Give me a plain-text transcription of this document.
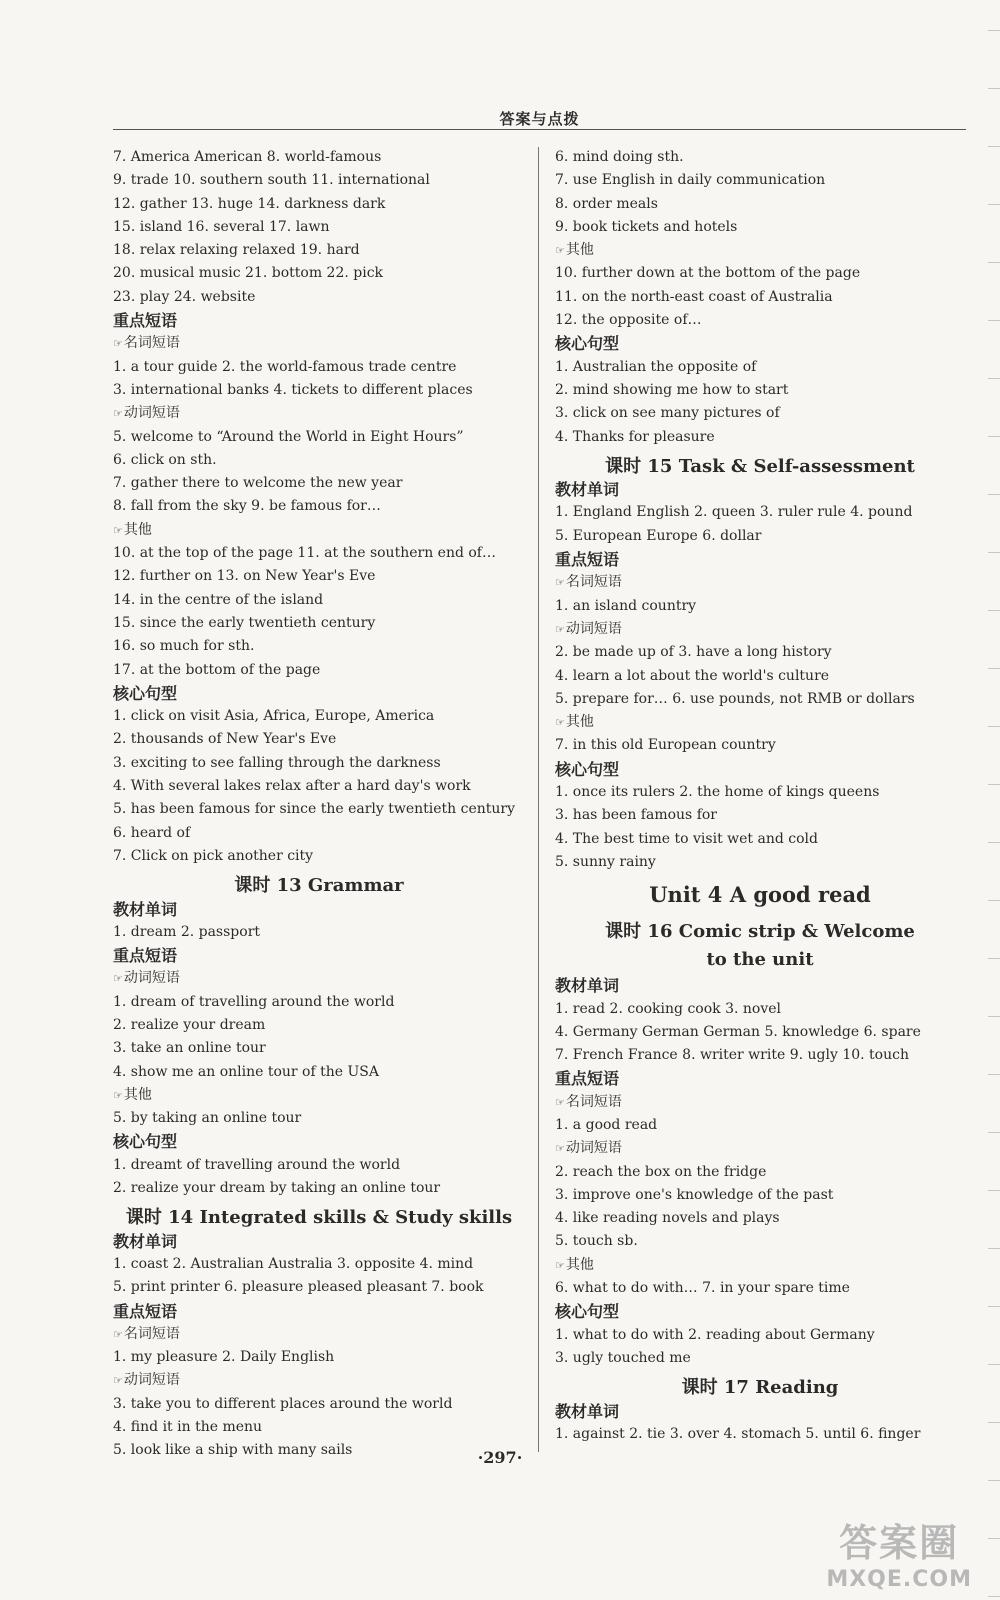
答案与点拨
7. America American 8. world-famous
9. trade 10. southern south 11. international
12. gather 13. huge 14. darkness dark
15. island 16. several 17. lawn
18. relax relaxing relaxed 19. hard
20. musical music 21. bottom 22. pick
23. play 24. website
重点短语
☞ 名词短语
1. a tour guide 2. the world-famous trade centre
3. international banks 4. tickets to different places
☞ 动词短语
5. welcome to “Around the World in Eight Hours”
6. click on sth.
7. gather there to welcome the new year
8. fall from the sky 9. be famous for…
☞ 其他
10. at the top of the page 11. at the southern end of…
12. further on 13. on New Year's Eve
14. in the centre of the island
15. since the early twentieth century
16. so much for sth.
17. at the bottom of the page
核心句型
1. click on visit Asia, Africa, Europe, America
2. thousands of New Year's Eve
3. exciting to see falling through the darkness
4. With several lakes relax after a hard day's work
5. has been famous for since the early twentieth century
6. heard of
7. Click on pick another city
课时 13 Grammar
教材单词
1. dream 2. passport
重点短语
☞ 动词短语
1. dream of travelling around the world
2. realize your dream
3. take an online tour
4. show me an online tour of the USA
☞ 其他
5. by taking an online tour
核心句型
1. dreamt of travelling around the world
2. realize your dream by taking an online tour
课时 14 Integrated skills & Study skills
教材单词
1. coast 2. Australian Australia 3. opposite 4. mind
5. print printer 6. pleasure pleased pleasant 7. book
重点短语
☞ 名词短语
1. my pleasure 2. Daily English
☞ 动词短语
3. take you to different places around the world
4. find it in the menu
5. look like a ship with many sails
6. mind doing sth.
7. use English in daily communication
8. order meals
9. book tickets and hotels
☞ 其他
10. further down at the bottom of the page
11. on the north-east coast of Australia
12. the opposite of…
核心句型
1. Australian the opposite of
2. mind showing me how to start
3. click on see many pictures of
4. Thanks for pleasure
课时 15 Task & Self-assessment
教材单词
1. England English 2. queen 3. ruler rule 4. pound
5. European Europe 6. dollar
重点短语
☞ 名词短语
1. an island country
☞ 动词短语
2. be made up of 3. have a long history
4. learn a lot about the world's culture
5. prepare for… 6. use pounds, not RMB or dollars
☞ 其他
7. in this old European country
核心句型
1. once its rulers 2. the home of kings queens
3. has been famous for
4. The best time to visit wet and cold
5. sunny rainy
Unit 4 A good read
课时 16 Comic strip & Welcome
to the unit
教材单词
1. read 2. cooking cook 3. novel
4. Germany German German 5. knowledge 6. spare
7. French France 8. writer write 9. ugly 10. touch
重点短语
☞ 名词短语
1. a good read
☞ 动词短语
2. reach the box on the fridge
3. improve one's knowledge of the past
4. like reading novels and plays
5. touch sb.
☞ 其他
6. what to do with… 7. in your spare time
核心句型
1. what to do with 2. reading about Germany
3. ugly touched me
课时 17 Reading
教材单词
1. against 2. tie 3. over 4. stomach 5. until 6. finger
·297·
答案圈
MXQE.COM
